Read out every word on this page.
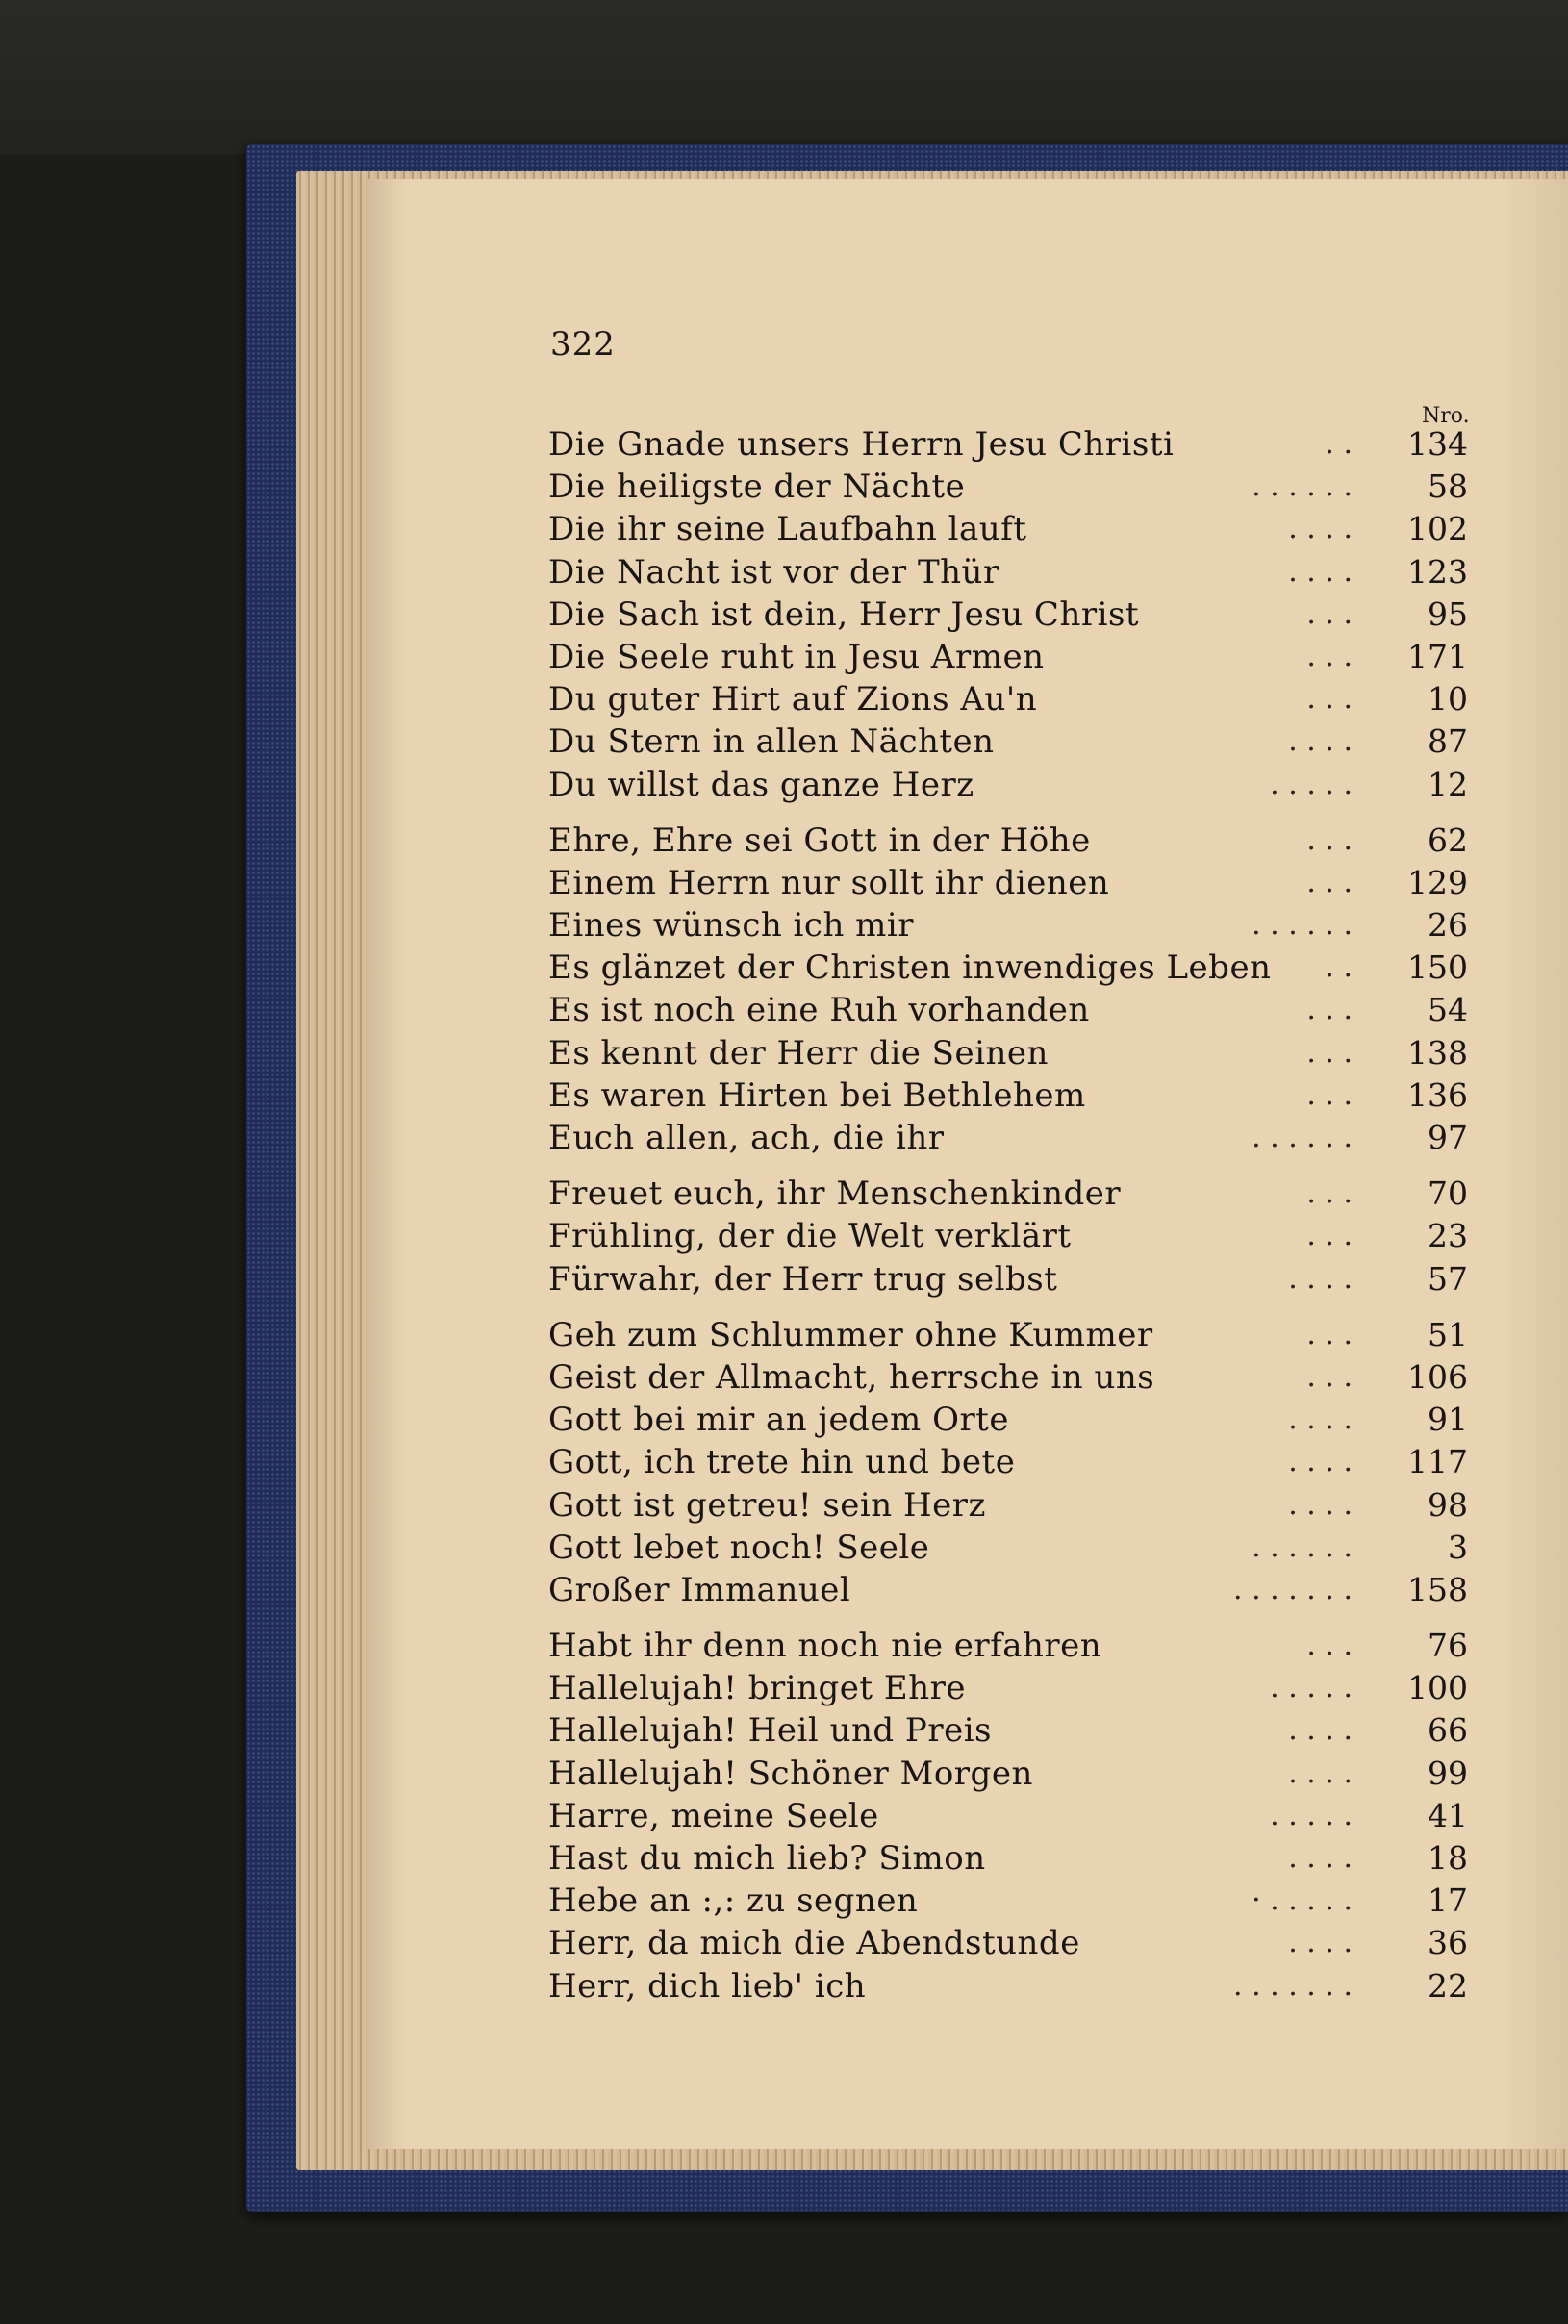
322
Nro.
Die Gnade unsers Herrn Jesu Christi	. .	134
Die heiligste der Nächte	. . . . . .	58
Die ihr seine Laufbahn lauft	. . . .	102
Die Nacht ist vor der Thür	. . . .	123
Die Sach ist dein, Herr Jesu Christ	. . .	95
Die Seele ruht in Jesu Armen	. . .	171
Du guter Hirt auf Zions Au'n	. . .	10
Du Stern in allen Nächten	. . . .	87
Du willst das ganze Herz	. . . . .	12
Ehre, Ehre sei Gott in der Höhe	. . .	62
Einem Herrn nur sollt ihr dienen	. . .	129
Eines wünsch ich mir	. . . . . .	26
Es glänzet der Christen inwendiges Leben . .	150
Es ist noch eine Ruh vorhanden	. . .	54
Es kennt der Herr die Seinen	. . .	138
Es waren Hirten bei Bethlehem	. . .	136
Euch allen, ach, die ihr	. . . . . .	97
Freuet euch, ihr Menschenkinder	. . .	70
Frühling, der die Welt verklärt	. . .	23
Fürwahr, der Herr trug selbst	. . . .	57
Geh zum Schlummer ohne Kummer	. . .	51
Geist der Allmacht, herrsche in uns	. . .	106
Gott bei mir an jedem Orte	. . . .	91
Gott, ich trete hin und bete	. . . .	117
Gott ist getreu! sein Herz	. . . .	98
Gott lebet noch! Seele	. . . . . .	3
Großer Immanuel	. . . . . . .	158
Habt ihr denn noch nie erfahren	. . .	76
Hallelujah! bringet Ehre	. . . . .	100
Hallelujah! Heil und Preis	. . . .	66
Hallelujah! Schöner Morgen	. . . .	99
Harre, meine Seele	. . . . .	41
Hast du mich lieb? Simon	. . . .	18
Hebe an :,: zu segnen	· . . . . .	17
Herr, da mich die Abendstunde	. . . .	36
Herr, dich lieb' ich	. . . . . . .	22
